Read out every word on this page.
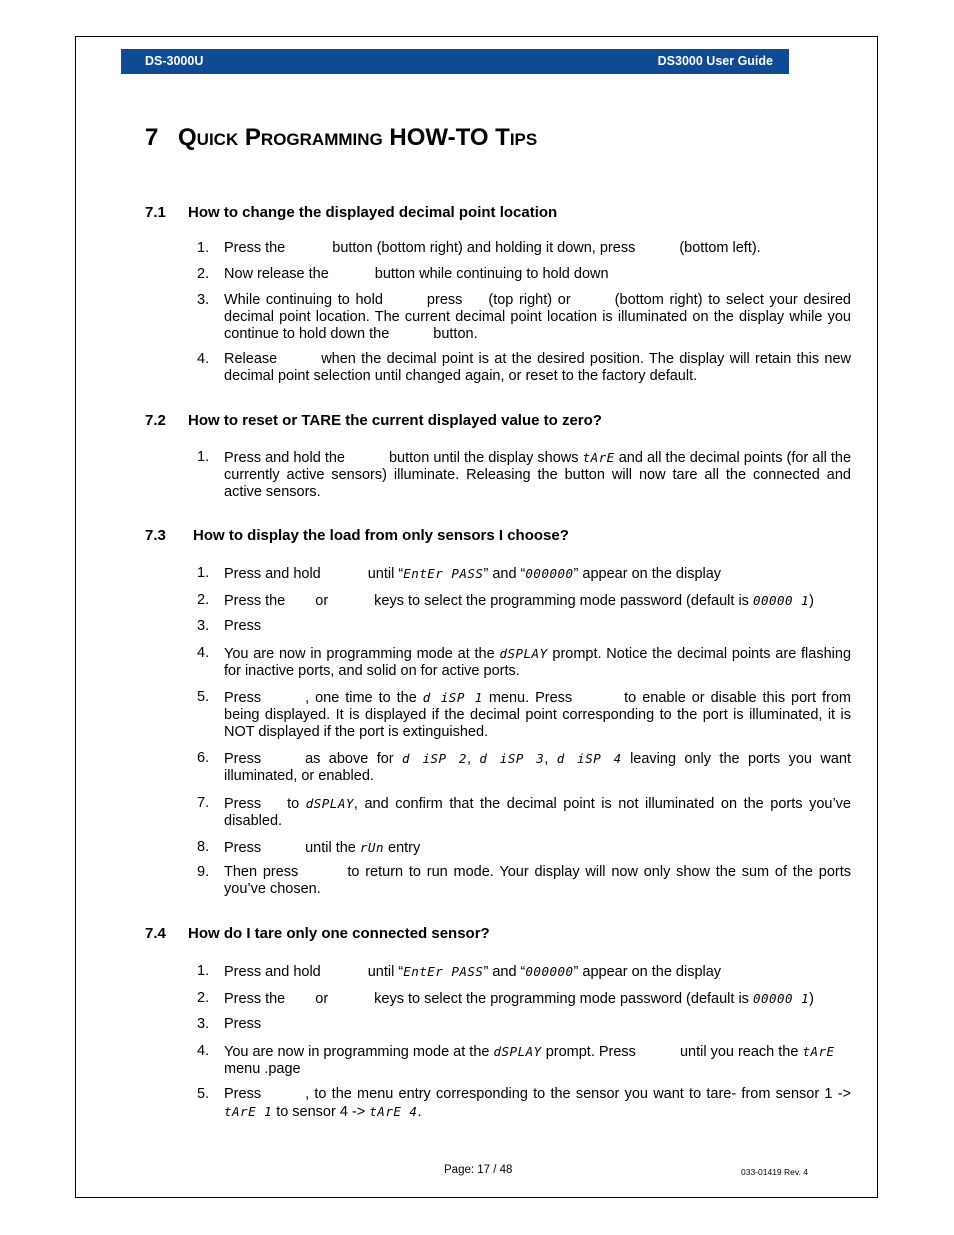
DS-3000U	DS3000 User Guide
7 QUICK PROGRAMMING HOW-TO TIPS
7.1 How to change the displayed decimal point location
1. Press the	button (bottom right) and holding it down, press	(bottom left).
2. Now release the	button while continuing to hold down
3. While continuing to hold	press (top right) or	(bottom right) to select your desired decimal point location. The current decimal point location is illuminated on the display while you continue to hold down the	button.
4. Release	when the decimal point is at the desired position. The display will retain this new decimal point selection until changed again, or reset to the factory default.
7.2 How to reset or TARE the current displayed value to zero?
1. Press and hold the	button until the display shows tArE and all the decimal points (for all the currently active sensors) illuminate. Releasing the button will now tare all the connected and active sensors.
7.3 How to display the load from only sensors I choose?
1. Press and hold	until “EntEr PASS” and “000000” appear on the display
2. Press the or	keys to select the programming mode password (default is 00000 1)
3. Press
4. You are now in programming mode at the dSPLAY prompt. Notice the decimal points are flashing for inactive ports, and solid on for active ports.
5. Press	, one time to the d iSP 1 menu. Press	to enable or disable this port from being displayed. It is displayed if the decimal point corresponding to the port is illuminated, it is NOT displayed if the port is extinguished.
6. Press	as above for d iSP 2, d iSP 3, d iSP 4 leaving only the ports you want illuminated, or enabled.
7. Press to dSPLAY, and confirm that the decimal point is not illuminated on the ports you’ve disabled.
8. Press	until the rUn entry
9. Then press	to return to run mode. Your display will now only show the sum of the ports you’ve chosen.
7.4 How do I tare only one connected sensor?
1. Press and hold	until “EntEr PASS” and “000000” appear on the display
2. Press the or	keys to select the programming mode password (default is 00000 1)
3. Press
4. You are now in programming mode at the dSPLAY prompt. Press	until you reach the tArE menu .page
5. Press	, to the menu entry corresponding to the sensor you want to tare- from sensor 1 -> tArE 1 to sensor 4 -> tArE 4.
Page: 17 / 48	033-01419 Rev. 4
